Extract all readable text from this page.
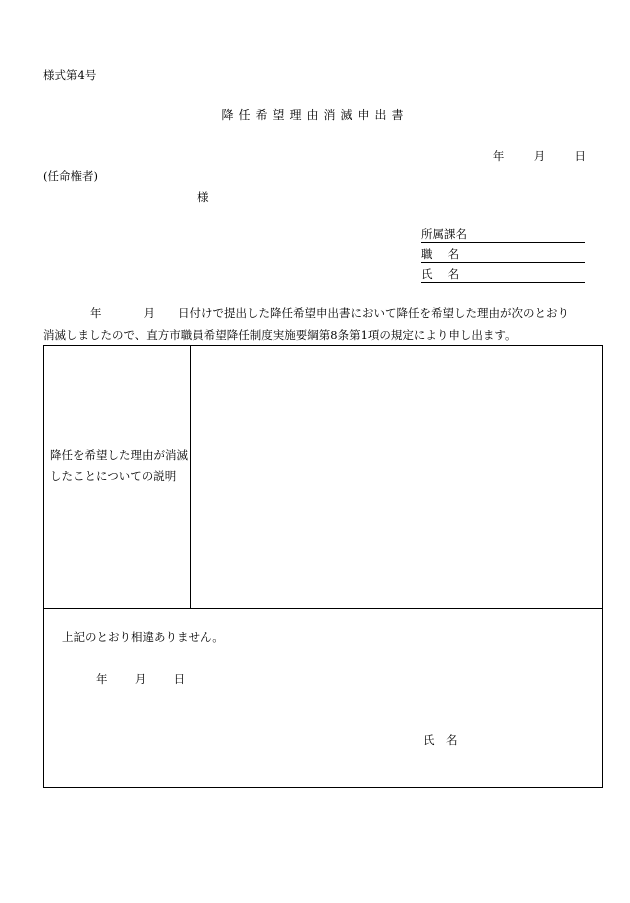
様式第4号
降任希望理由消滅申出書
年	月	日
(任命権者)
様
所属課名
職　 名
氏　 名
年	月 日付けで提出した降任希望申出書において降任を希望した理由が次のとおり
消滅しましたので、直方市職員希望降任制度実施要綱第8条第1項の規定により申し出ます。
降任を希望した理由が消滅したことについての説明
上記のとおり相違ありません。
年 月 日
氏　名
